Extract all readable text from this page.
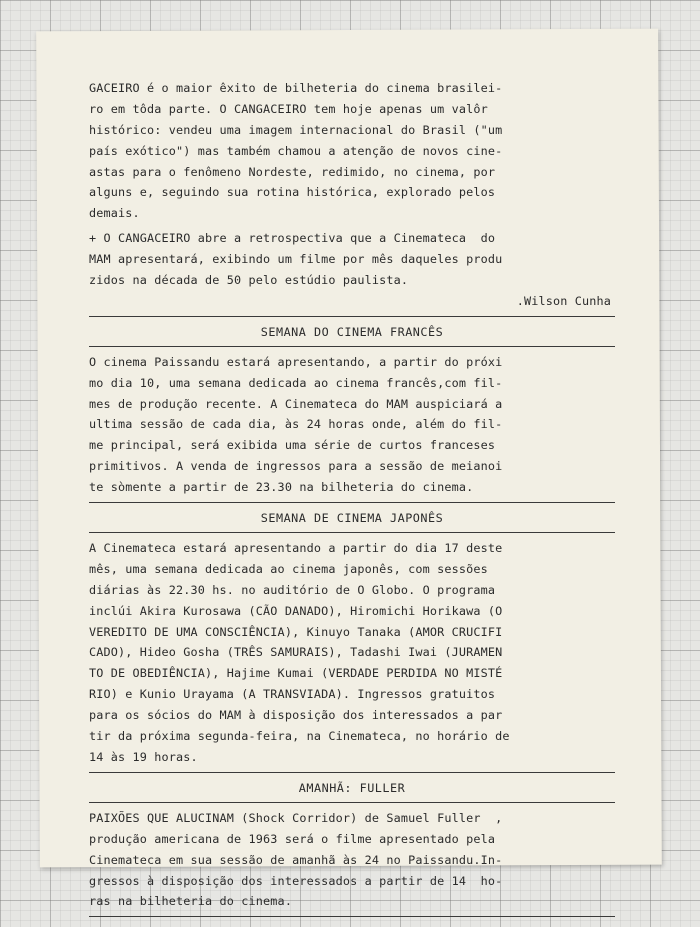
GACEIRO é o maior êxito de bilheteria do cinema brasilei-
ro em tôda parte. O CANGACEIRO tem hoje apenas um valôr
histórico: vendeu uma imagem internacional do Brasil ("um
país exótico") mas também chamou a atenção de novos cine-
astas para o fenômeno Nordeste, redimido, no cinema, por
alguns e, seguindo sua rotina histórica, explorado pelos
demais.
+ O CANGACEIRO abre a retrospectiva que a Cinemateca  do
MAM apresentará, exibindo um filme por mês daqueles produ
zidos na década de 50 pelo estúdio paulista.
.Wilson Cunha
SEMANA DO CINEMA FRANCÊS
O cinema Paissandu estará apresentando, a partir do próxi
mo dia 10, uma semana dedicada ao cinema francês,com fil-
mes de produção recente. A Cinemateca do MAM auspiciará a
ultima sessão de cada dia, às 24 horas onde, além do fil-
me principal, será exibida uma série de curtos franceses
primitivos. A venda de ingressos para a sessão de meianoi
te sòmente a partir de 23.30 na bilheteria do cinema.
SEMANA DE CINEMA JAPONÊS
A Cinemateca estará apresentando a partir do dia 17 deste
mês, uma semana dedicada ao cinema japonês, com sessões
diárias às 22.30 hs. no auditório de O Globo. O programa
inclúi Akira Kurosawa (CÃO DANADO), Hiromichi Horikawa (O
VEREDITO DE UMA CONSCIÊNCIA), Kinuyo Tanaka (AMOR CRUCIFI
CADO), Hideo Gosha (TRÊS SAMURAIS), Tadashi Iwai (JURAMEN
TO DE OBEDIÊNCIA), Hajime Kumai (VERDADE PERDIDA NO MISTÉ
RIO) e Kunio Urayama (A TRANSVIADA). Ingressos gratuitos
para os sócios do MAM à disposição dos interessados a par
tir da próxima segunda-feira, na Cinemateca, no horário de
14 às 19 horas.
AMANHÃ: FULLER
PAIXÕES QUE ALUCINAM (Shock Corridor) de Samuel Fuller  ,
produção americana de 1963 será o filme apresentado pela
Cinemateca em sua sessão de amanhã às 24 no Paissandu.In-
gressos à disposição dos interessados a partir de 14  ho-
ras na bilheteria do cinema.
